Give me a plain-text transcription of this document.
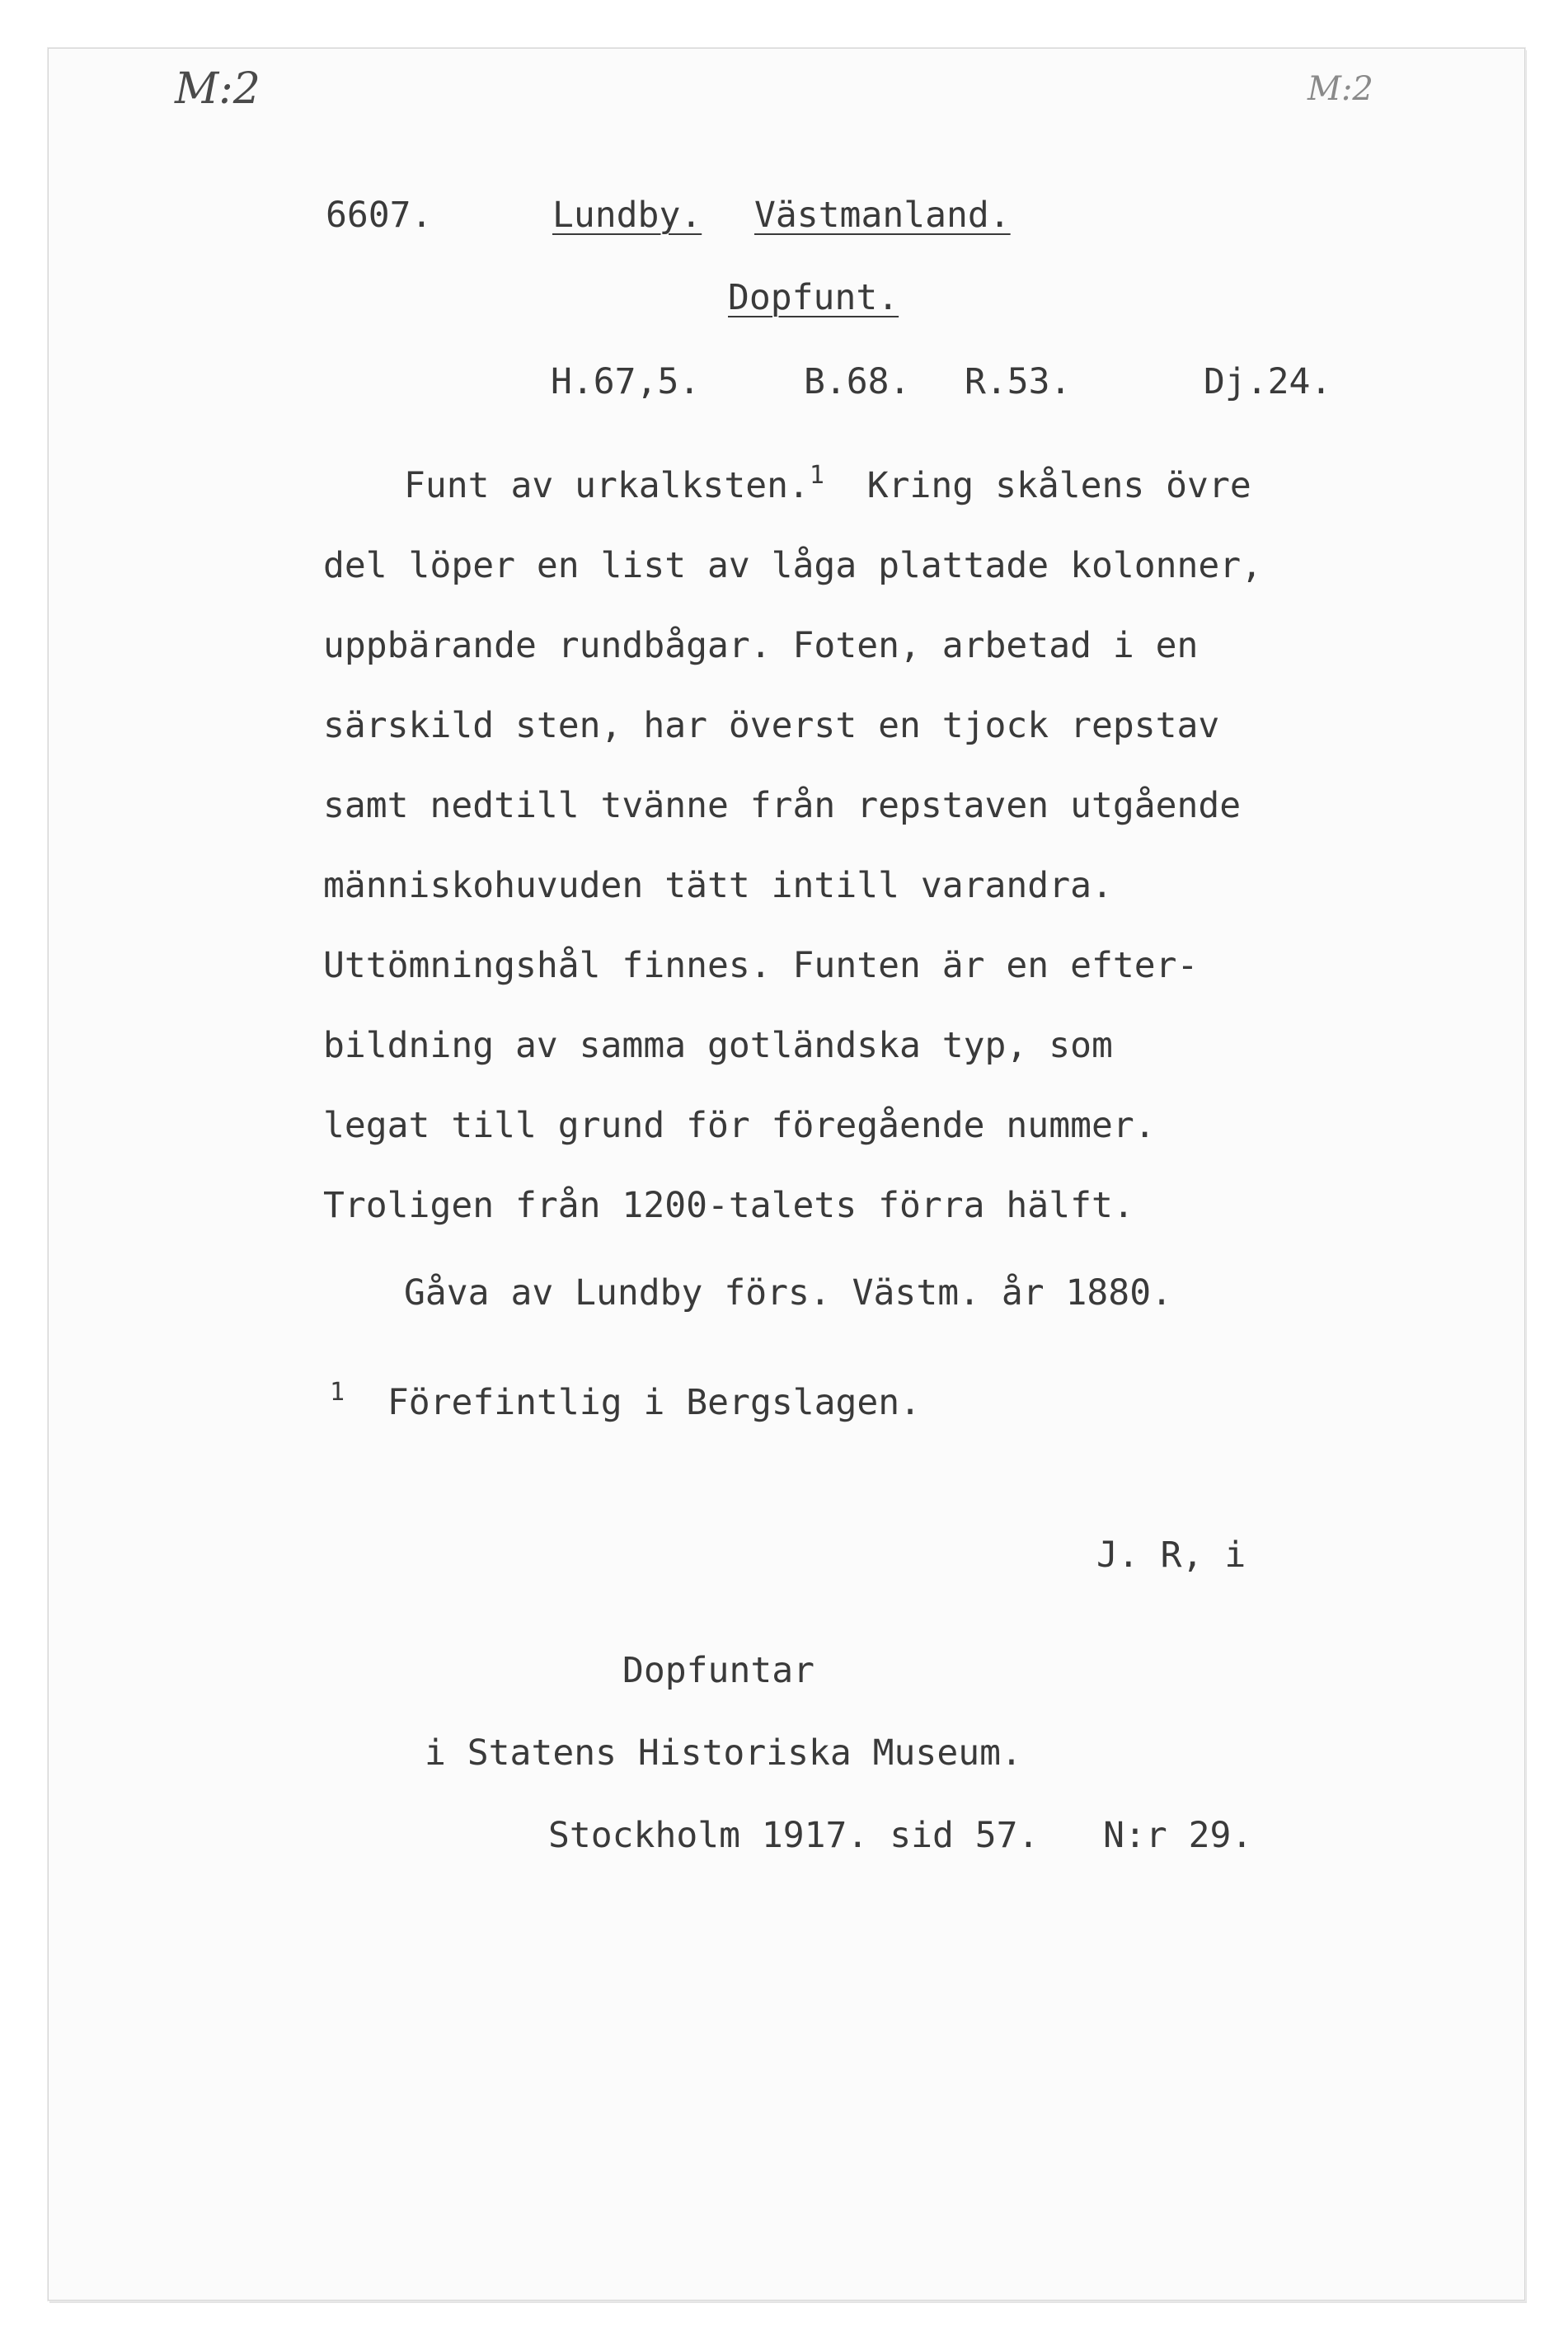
M:2	M:2
6607.	Lundby. Västmanland.
Dopfunt.
H.67,5.	B.68. R.53.	Dj.24.
Funt av urkalksten.$^1$ Kring skålens övre
del löper en list av låga plattade kolonner,
uppbärande rundbågar. Foten, arbetad i en
särskild sten, har överst en tjock repstav
samt nedtill tvänne från repstaven utgående
människohuvuden tätt intill varandra.
Uttömningshål finnes. Funten är en efter-
bildning av samma gotländska typ, som
legat till grund för föregående nummer.
Troligen från 1200-talets förra hälft.
Gåva av Lundby förs. Västm. år 1880.
$^1$ Förefintlig i Bergslagen.
J. R, i
Dopfuntar
i Statens Historiska Museum.
Stockholm 1917. sid 57. N:r 29.
